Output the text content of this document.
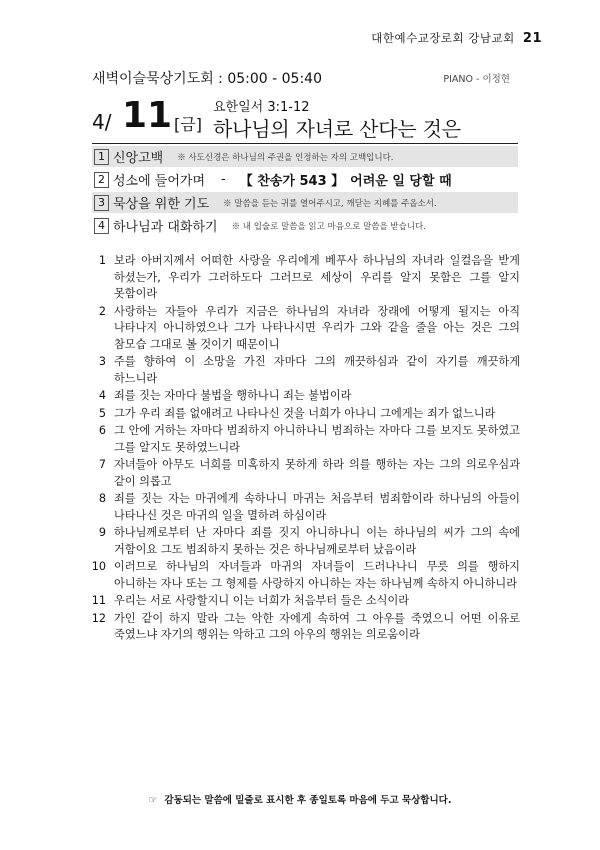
대한예수교장로회 강남교회 21
새벽이슬묵상기도회 : 05:00 - 05:40	PIANO - 이정현
4/ 11 [금]
요한일서 3:1-12
하나님의 자녀로 산다는 것은
1 신앙고백 ※ 사도신경은 하나님의 주권을 인정하는 자의 고백입니다.
2 성소에 들어가며 - 【 찬송가 543 】 어려운 일 당할 때
3 묵상을 위한 기도 ※ 말씀을 듣는 귀를 열어주시고, 깨닫는 지혜를 주옵소서.
4 하나님과 대화하기 ※ 내 입술로 말씀을 읽고 마음으로 말씀을 받습니다.
1 보라 아버지께서 어떠한 사랑을 우리에게 베푸사 하나님의 자녀라 일컬음을 받게 하셨는가, 우리가 그러하도다 그러므로 세상이 우리를 알지 못함은 그를 알지 못함이라
2 사랑하는 자들아 우리가 지금은 하나님의 자녀라 장래에 어떻게 될지는 아직 나타나지 아니하였으나 그가 나타나시면 우리가 그와 같을 줄을 아는 것은 그의 참모습 그대로 볼 것이기 때문이니
3 주를 향하여 이 소망을 가진 자마다 그의 깨끗하심과 같이 자기를 깨끗하게 하느니라
4 죄를 짓는 자마다 불법을 행하나니 죄는 불법이라
5 그가 우리 죄를 없애려고 나타나신 것을 너희가 아나니 그에게는 죄가 없느니라
6 그 안에 거하는 자마다 범죄하지 아니하나니 범죄하는 자마다 그를 보지도 못하였고 그를 알지도 못하였느니라
7 자녀들아 아무도 너희를 미혹하지 못하게 하라 의를 행하는 자는 그의 의로우심과 같이 의롭고
8 죄를 짓는 자는 마귀에게 속하나니 마귀는 처음부터 범죄함이라 하나님의 아들이 나타나신 것은 마귀의 일을 멸하려 하심이라
9 하나님께로부터 난 자마다 죄를 짓지 아니하나니 이는 하나님의 씨가 그의 속에 거함이요 그도 범죄하지 못하는 것은 하나님께로부터 났음이라
10 이러므로 하나님의 자녀들과 마귀의 자녀들이 드러나나니 무릇 의를 행하지 아니하는 자나 또는 그 형제를 사랑하지 아니하는 자는 하나님께 속하지 아니하니라
11 우리는 서로 사랑할지니 이는 너희가 처음부터 들은 소식이라
12 가인 같이 하지 말라 그는 악한 자에게 속하여 그 아우를 죽였으니 어떤 이유로 죽였느냐 자기의 행위는 악하고 그의 아우의 행위는 의로움이라
☞ 감동되는 말씀에 밑줄로 표시한 후 종일토록 마음에 두고 묵상합니다.
